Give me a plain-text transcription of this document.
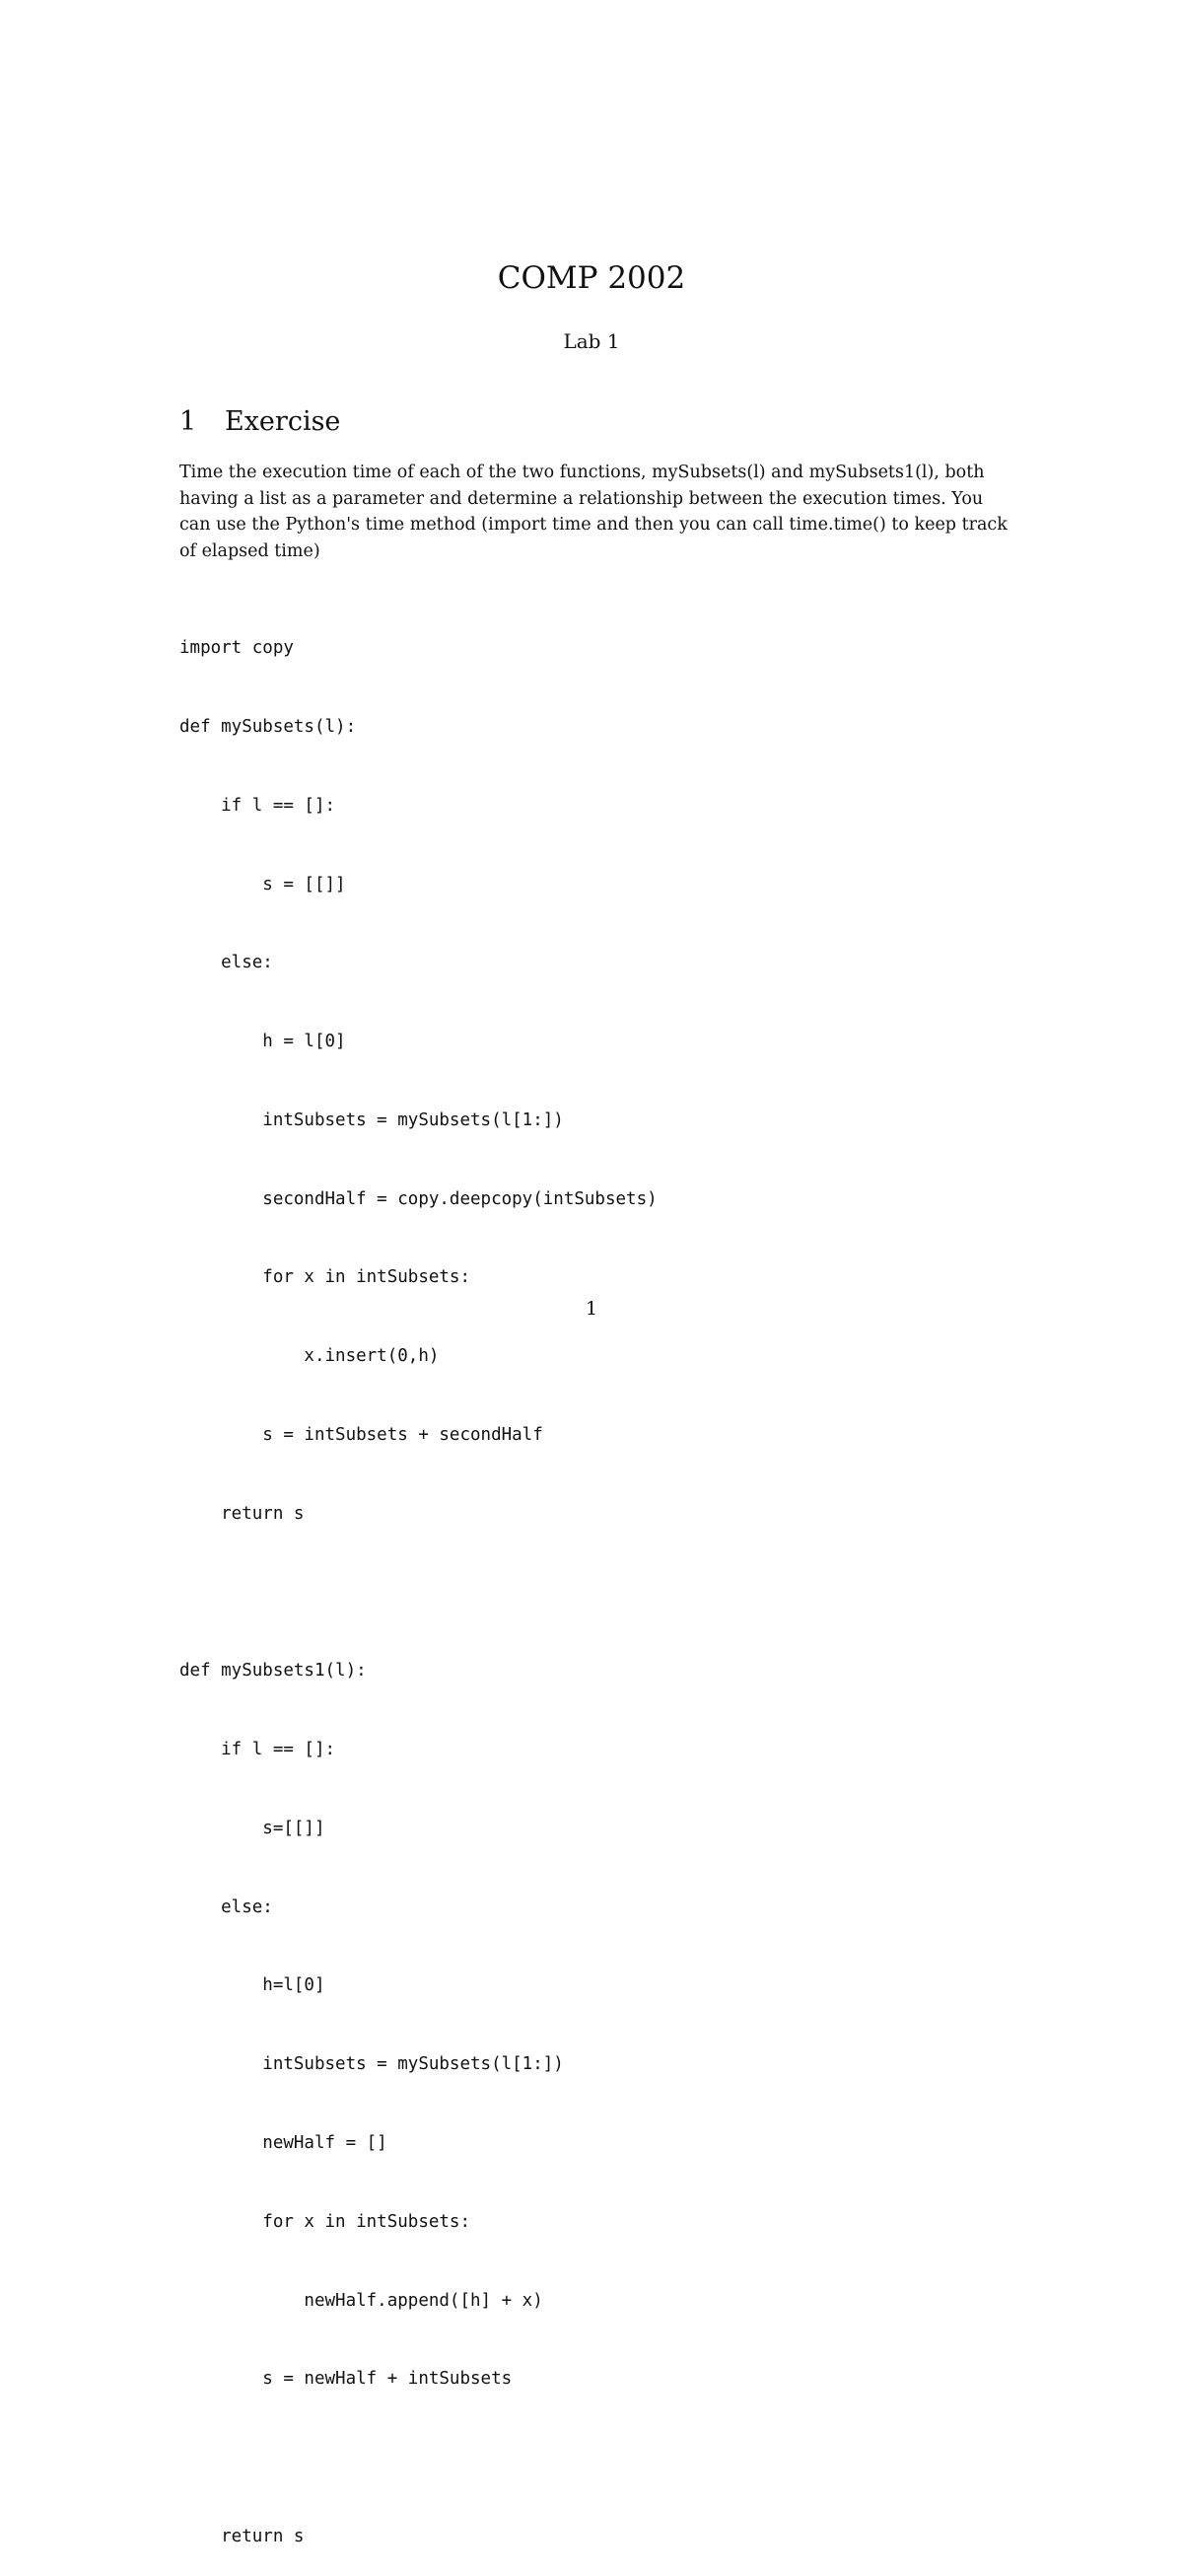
COMP 2002
Lab 1
1 Exercise

Time the execution time of each of the two functions, mySubsets(l) and mySubsets1(l), both having a list as a parameter and determine a relationship between the execution times. You can use the Python's time method (import time and then you can call time.time() to keep track of elapsed time)

import copy

def mySubsets(l):

if l == []:

s = [[]]

else:

h = l[0]

intSubsets = mySubsets(l[1:])

secondHalf = copy.deepcopy(intSubsets)

for x in intSubsets:

x.insert(0,h)

s = intSubsets + secondHalf

return s

def mySubsets1(l):

if l == []:

s=[[]]

else:

h=l[0]

intSubsets = mySubsets(l[1:])

newHalf = []

for x in intSubsets:

newHalf.append([h] + x)

s = newHalf + intSubsets

return s

1
